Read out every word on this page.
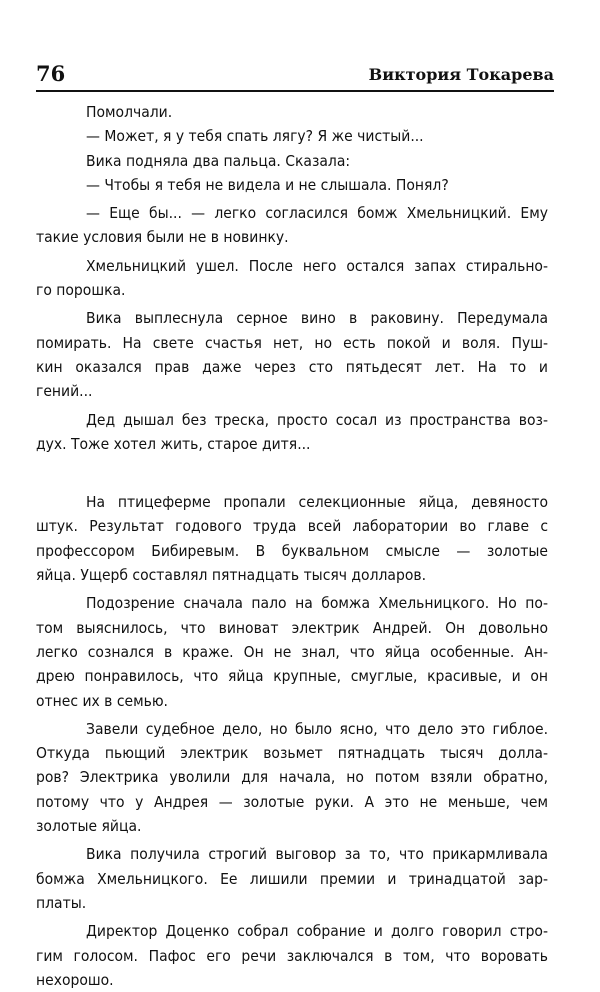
76	Виктория Токарева
Помолчали.
— Может, я у тебя спать лягу? Я же чистый...
Вика подняла два пальца. Сказала:
— Чтобы я тебя не видела и не слышала. Понял?
— Еще бы... — легко согласился бомж Хмельницкий. Ему
такие условия были не в новинку.
Хмельницкий ушел. После него остался запах стирально-
го порошка.
Вика выплеснула серное вино в раковину. Передумала
помирать. На свете счастья нет, но есть покой и воля. Пуш-
кин оказался прав даже через сто пятьдесят лет. На то и
гений...
Дед дышал без треска, просто сосал из пространства воз-
дух. Тоже хотел жить, старое дитя...
На птицеферме пропали селекционные яйца, девяносто
штук. Результат годового труда всей лаборатории во главе с
профессором Бибиревым. В буквальном смысле — золотые
яйца. Ущерб составлял пятнадцать тысяч долларов.
Подозрение сначала пало на бомжа Хмельницкого. Но по-
том выяснилось, что виноват электрик Андрей. Он довольно
легко сознался в краже. Он не знал, что яйца особенные. Ан-
дрею понравилось, что яйца крупные, смуглые, красивые, и он
отнес их в семью.
Завели судебное дело, но было ясно, что дело это гиблое.
Откуда пьющий электрик возьмет пятнадцать тысяч долла-
ров? Электрика уволили для начала, но потом взяли обратно,
потому что у Андрея — золотые руки. А это не меньше, чем
золотые яйца.
Вика получила строгий выговор за то, что прикармливала
бомжа Хмельницкого. Ее лишили премии и тринадцатой зар-
платы.
Директор Доценко собрал собрание и долго говорил стро-
гим голосом. Пафос его речи заключался в том, что воровать
нехорошо.
